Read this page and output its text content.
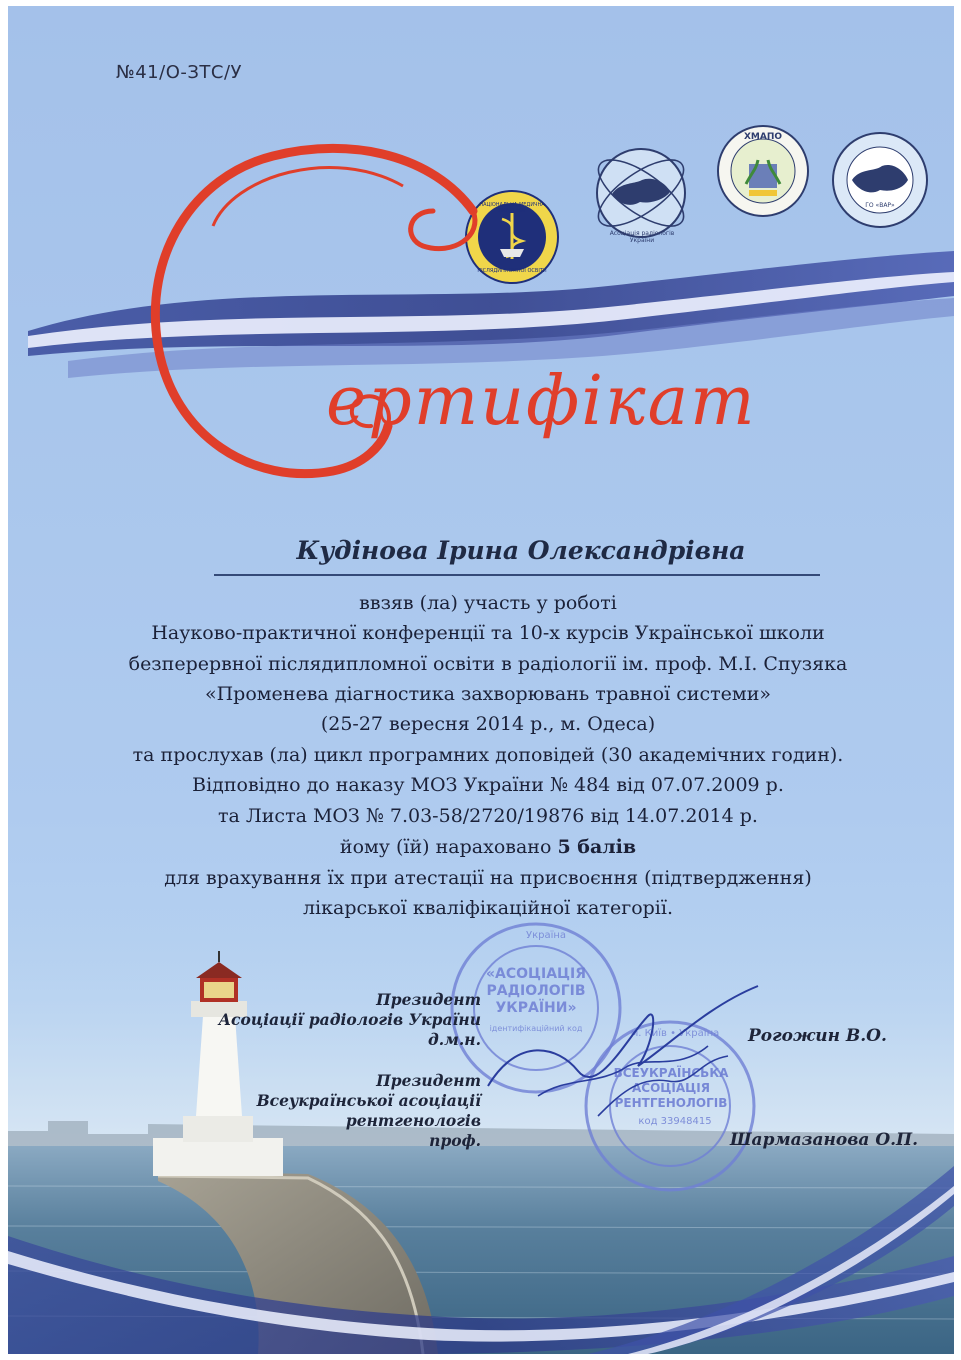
№41/О-ЗТС/У
НАЦІОНАЛЬНА МЕДИЧНА АКАДЕМІЯ
ПІСЛЯДИПЛОМНОЇ ОСВІТИ
Асоціація радіологів України
ХМАПО
ГО «ВАР»
ертифікат
Кудінова Ірина Олександрівна
ввзяв (ла) участь у роботі
Науково-практичної конференції та 10-х курсів Української школи
безперервної післядипломної освіти в радіології ім. проф. М.І. Спузяка
«Променева діагностика захворювань травної системи»
(25-27 вересня 2014 р., м. Одеса)
та прослухав (ла) цикл програмних доповідей (30 академічних годин).
Відповідно до наказу МОЗ України № 484 від 07.07.2009 р.
та Листа МОЗ № 7.03-58/2720/19876 від 14.07.2014 р.
йому (їй) нараховано 5 балів
для врахування їх при атестації на присвоєння (підтвердження)
лікарської кваліфікаційної категорії.
«АСОЦІАЦІЯ
РАДІОЛОГІВ
УКРАЇНИ»
Україна
ідентифікаційний код
ВСЕУКРАЇНСЬКА
АСОЦІАЦІЯ
РЕНТГЕНОЛОГІВ
м. Київ • Україна
код 33948415
Президент
Асоціації радіологів України
д.м.н.	Рогожин В.О.
Президент
Всеукраїнської асоціації
рентгенологів
проф.	Шармазанова О.П.
